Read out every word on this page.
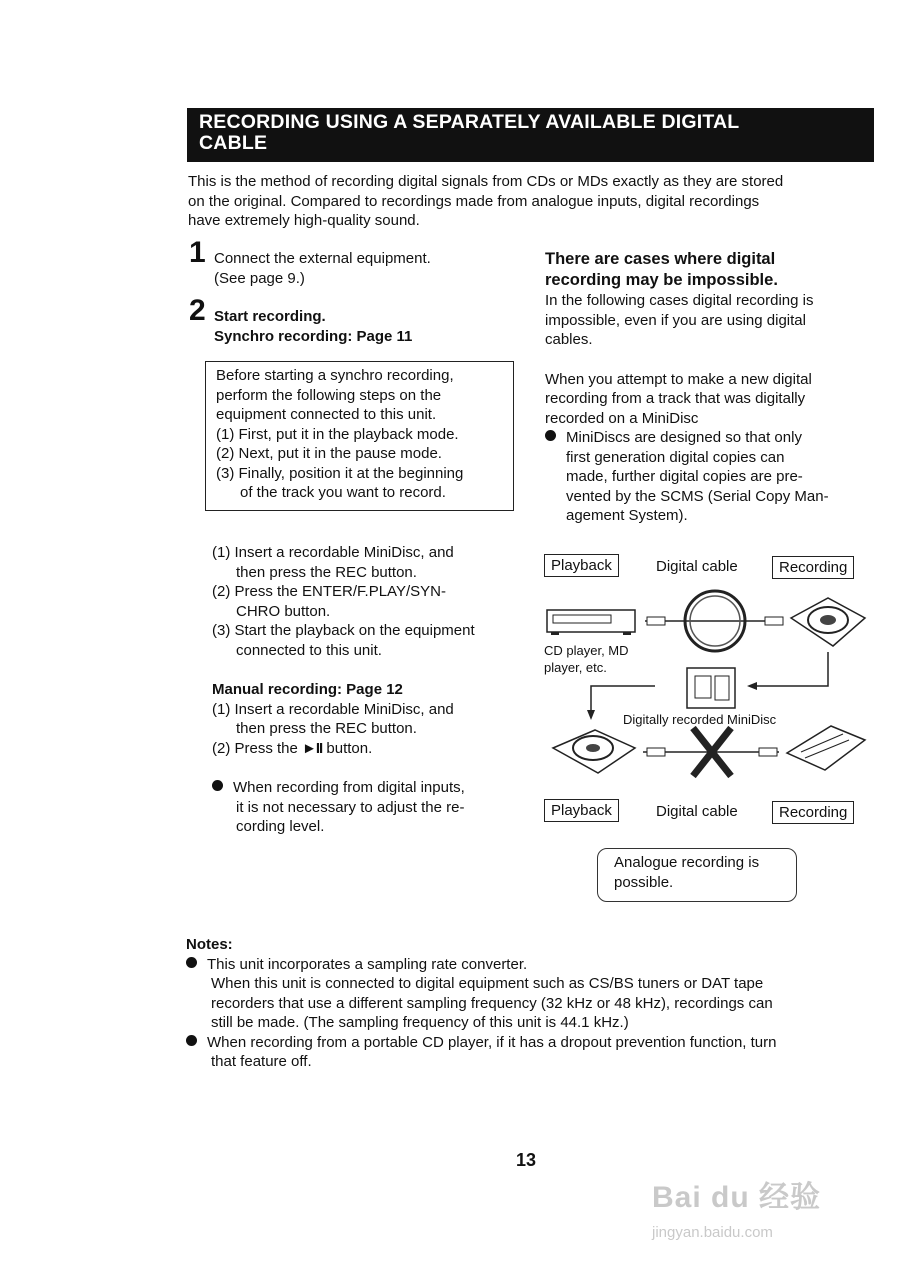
RECORDING USING A SEPARATELY AVAILABLE DIGITAL
CABLE
This is the method of recording digital signals from CDs or MDs exactly as they are stored
on the original. Compared to recordings made from analogue inputs, digital recordings
have extremely high-quality sound.
1 Connect the external equipment.
(See page 9.)
2 Start recording.
Synchro recording: Page 11
Before starting a synchro recording,
perform the following steps on the
equipment connected to this unit.
(1) First, put it in the playback mode.
(2) Next, put it in the pause mode.
(3) Finally, position it at the beginning
of the track you want to record.
(1) Insert a recordable MiniDisc, and
then press the REC button.
(2) Press the ENTER/F.PLAY/SYN-
CHRO button.
(3) Start the playback on the equipment
connected to this unit.
Manual recording: Page 12
(1) Insert a recordable MiniDisc, and
then press the REC button.
(2) Press the ►II button.
When recording from digital inputs,
it is not necessary to adjust the re-
cording level.
There are cases where digital
recording may be impossible.
In the following cases digital recording is
impossible, even if you are using digital
cables.
When you attempt to make a new digital
recording from a track that was digitally
recorded on a MiniDisc
MiniDiscs are designed so that only
first generation digital copies can
made, further digital copies are pre-
vented by the SCMS (Serial Copy Man-
agement System).
Playback	Digital cable	Recording
CD player, MD
player, etc.
Digitally recorded MiniDisc
Playback	Digital cable	Recording
Analogue recording is
possible.
Notes:
This unit incorporates a sampling rate converter.
When this unit is connected to digital equipment such as CS/BS tuners or DAT tape
recorders that use a different sampling frequency (32 kHz or 48 kHz), recordings can
still be made. (The sampling frequency of this unit is 44.1 kHz.)
When recording from a portable CD player, if it has a dropout prevention function, turn
that feature off.
13
Bai du 经验
jingyan.baidu.com
